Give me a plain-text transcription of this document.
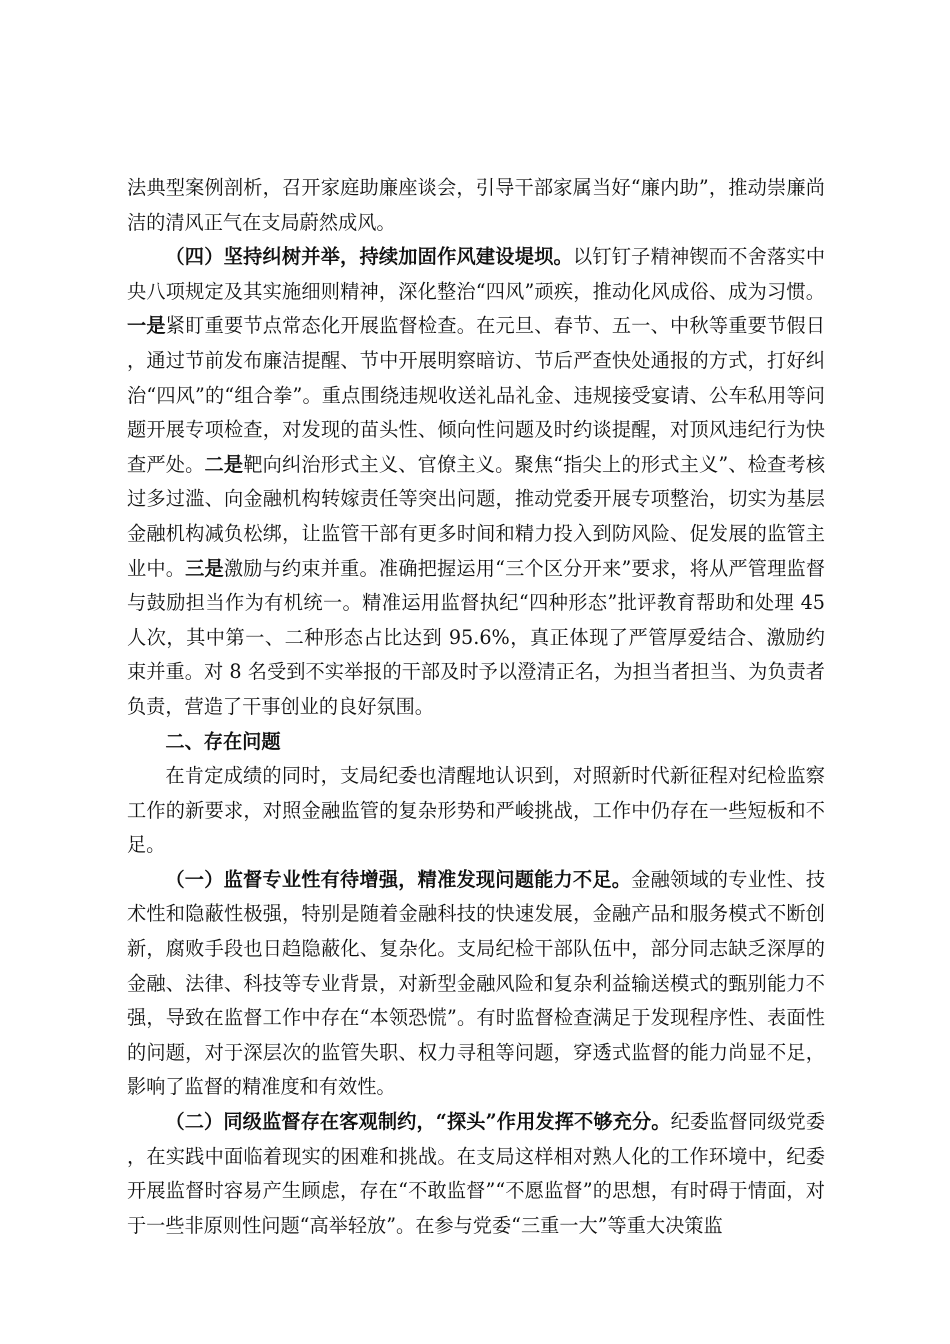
法典型案例剖析，召开家庭助廉座谈会，引导干部家属当好“廉内助”，推动崇廉尚洁的清风正气在支局蔚然成风。

（四）坚持纠树并举，持续加固作风建设堤坝。以钉钉子精神锲而不舍落实中央八项规定及其实施细则精神，深化整治“四风”顽疾，推动化风成俗、成为习惯。一是紧盯重要节点常态化开展监督检查。在元旦、春节、五一、中秋等重要节假日，通过节前发布廉洁提醒、节中开展明察暗访、节后严查快处通报的方式，打好纠治“四风”的“组合拳”。重点围绕违规收送礼品礼金、违规接受宴请、公车私用等问题开展专项检查，对发现的苗头性、倾向性问题及时约谈提醒，对顶风违纪行为快查严处。二是靶向纠治形式主义、官僚主义。聚焦“指尖上的形式主义”、检查考核过多过滥、向金融机构转嫁责任等突出问题，推动党委开展专项整治，切实为基层金融机构减负松绑，让监管干部有更多时间和精力投入到防风险、促发展的监管主业中。三是激励与约束并重。准确把握运用“三个区分开来”要求，将从严管理监督与鼓励担当作为有机统一。精准运用监督执纪“四种形态”批评教育帮助和处理 45 人次，其中第一、二种形态占比达到 95.6%，真正体现了严管厚爱结合、激励约束并重。对 8 名受到不实举报的干部及时予以澄清正名，为担当者担当、为负责者负责，营造了干事创业的良好氛围。

二、存在问题

在肯定成绩的同时，支局纪委也清醒地认识到，对照新时代新征程对纪检监察工作的新要求，对照金融监管的复杂形势和严峻挑战，工作中仍存在一些短板和不足。

（一）监督专业性有待增强，精准发现问题能力不足。金融领域的专业性、技术性和隐蔽性极强，特别是随着金融科技的快速发展，金融产品和服务模式不断创新，腐败手段也日趋隐蔽化、复杂化。支局纪检干部队伍中，部分同志缺乏深厚的金融、法律、科技等专业背景，对新型金融风险和复杂利益输送模式的甄别能力不强，导致在监督工作中存在“本领恐慌”。有时监督检查满足于发现程序性、表面性的问题，对于深层次的监管失职、权力寻租等问题，穿透式监督的能力尚显不足，影响了监督的精准度和有效性。

（二）同级监督存在客观制约，“探头”作用发挥不够充分。纪委监督同级党委，在实践中面临着现实的困难和挑战。在支局这样相对熟人化的工作环境中，纪委开展监督时容易产生顾虑，存在“不敢监督”“不愿监督”的思想，有时碍于情面，对于一些非原则性问题“高举轻放”。在参与党委“三重一大”等重大决策监
